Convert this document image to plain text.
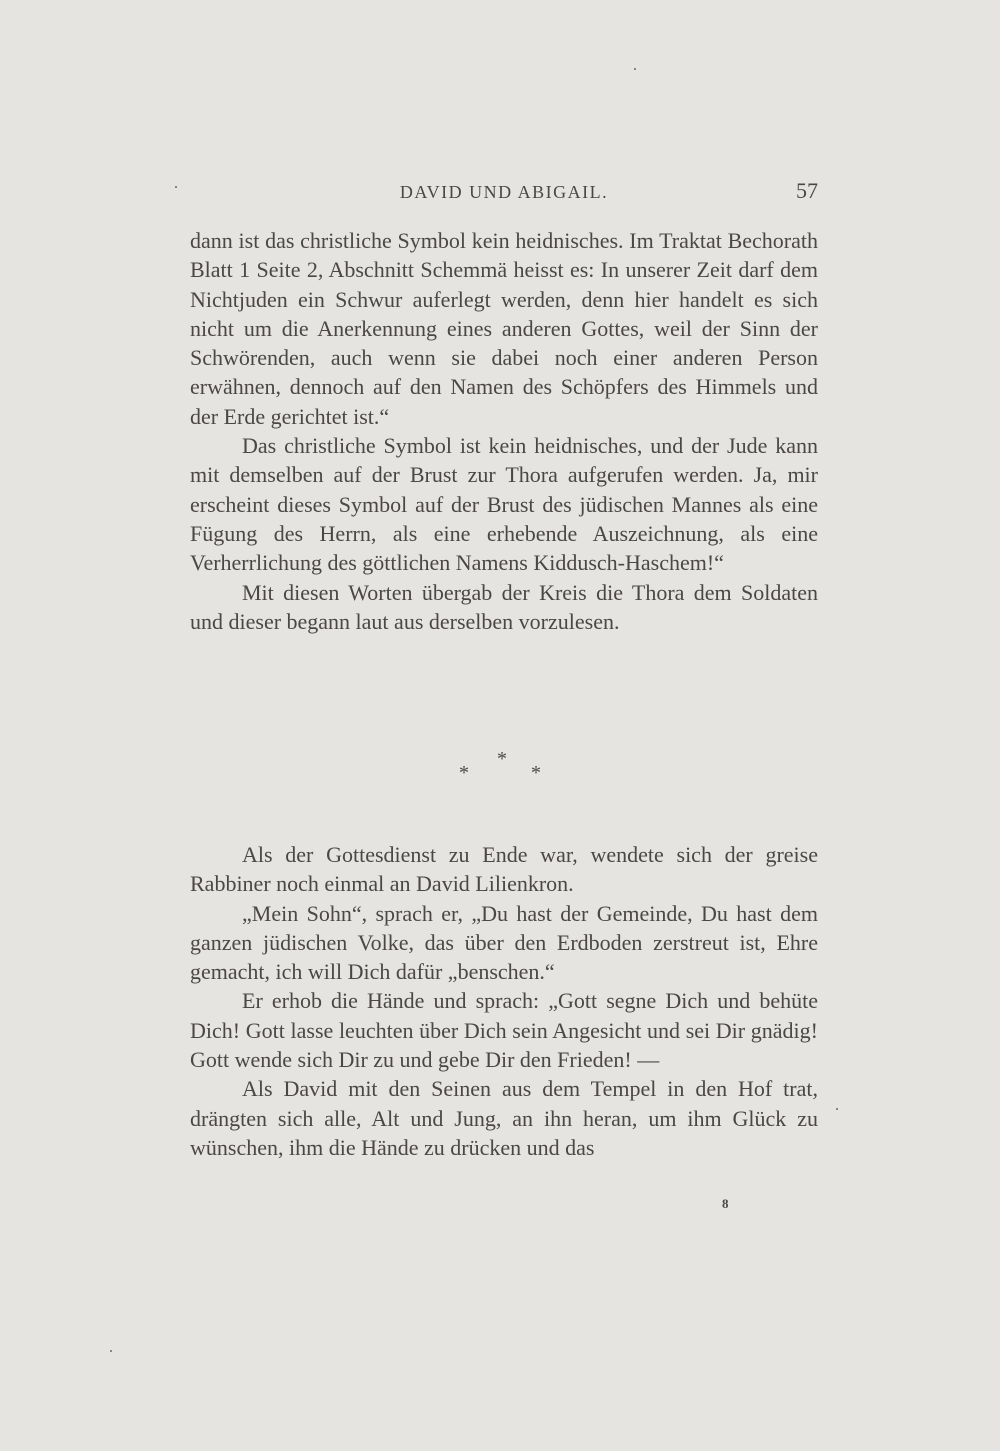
DAVID UND ABIGAIL.	57

dann ist das christliche Symbol kein heidnisches. Im Traktat Bechorath Blatt 1 Seite 2, Abschnitt Schemmä heisst es: In unserer Zeit darf dem Nichtjuden ein Schwur auferlegt werden, denn hier handelt es sich nicht um die Anerkennung eines anderen Gottes, weil der Sinn der Schwörenden, auch wenn sie dabei noch einer anderen Person erwähnen, dennoch auf den Namen des Schöpfers des Himmels und der Erde gerichtet ist.“

Das christliche Symbol ist kein heidnisches, und der Jude kann mit demselben auf der Brust zur Thora aufgerufen werden. Ja, mir erscheint dieses Symbol auf der Brust des jüdischen Mannes als eine Fügung des Herrn, als eine erhebende Auszeichnung, als eine Verherrlichung des göttlichen Namens Kiddusch-Haschem!“

Mit diesen Worten übergab der Kreis die Thora dem Soldaten und dieser begann laut aus derselben vorzulesen.

*
*	*

Als der Gottesdienst zu Ende war, wendete sich der greise Rabbiner noch einmal an David Lilienkron.

„Mein Sohn“, sprach er, „Du hast der Gemeinde, Du hast dem ganzen jüdischen Volke, das über den Erdboden zerstreut ist, Ehre gemacht, ich will Dich dafür „benschen.“

Er erhob die Hände und sprach: „Gott segne Dich und behüte Dich! Gott lasse leuchten über Dich sein Angesicht und sei Dir gnädig! Gott wende sich Dir zu und gebe Dir den Frieden! —

Als David mit den Seinen aus dem Tempel in den Hof trat, drängten sich alle, Alt und Jung, an ihn heran, um ihm Glück zu wünschen, ihm die Hände zu drücken und das

8
